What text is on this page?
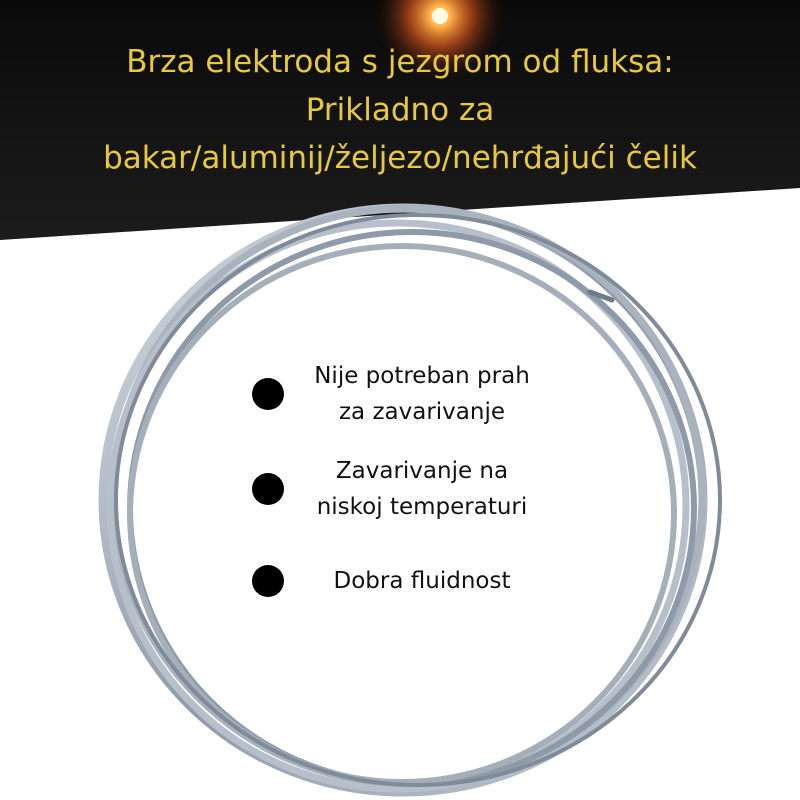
Brza elektroda s jezgrom od fluksa:
Prikladno za
bakar/aluminij/željezo/nehrđajući čelik
Nije potreban prah
za zavarivanje
Zavarivanje na
niskoj temperaturi
Dobra fluidnost
